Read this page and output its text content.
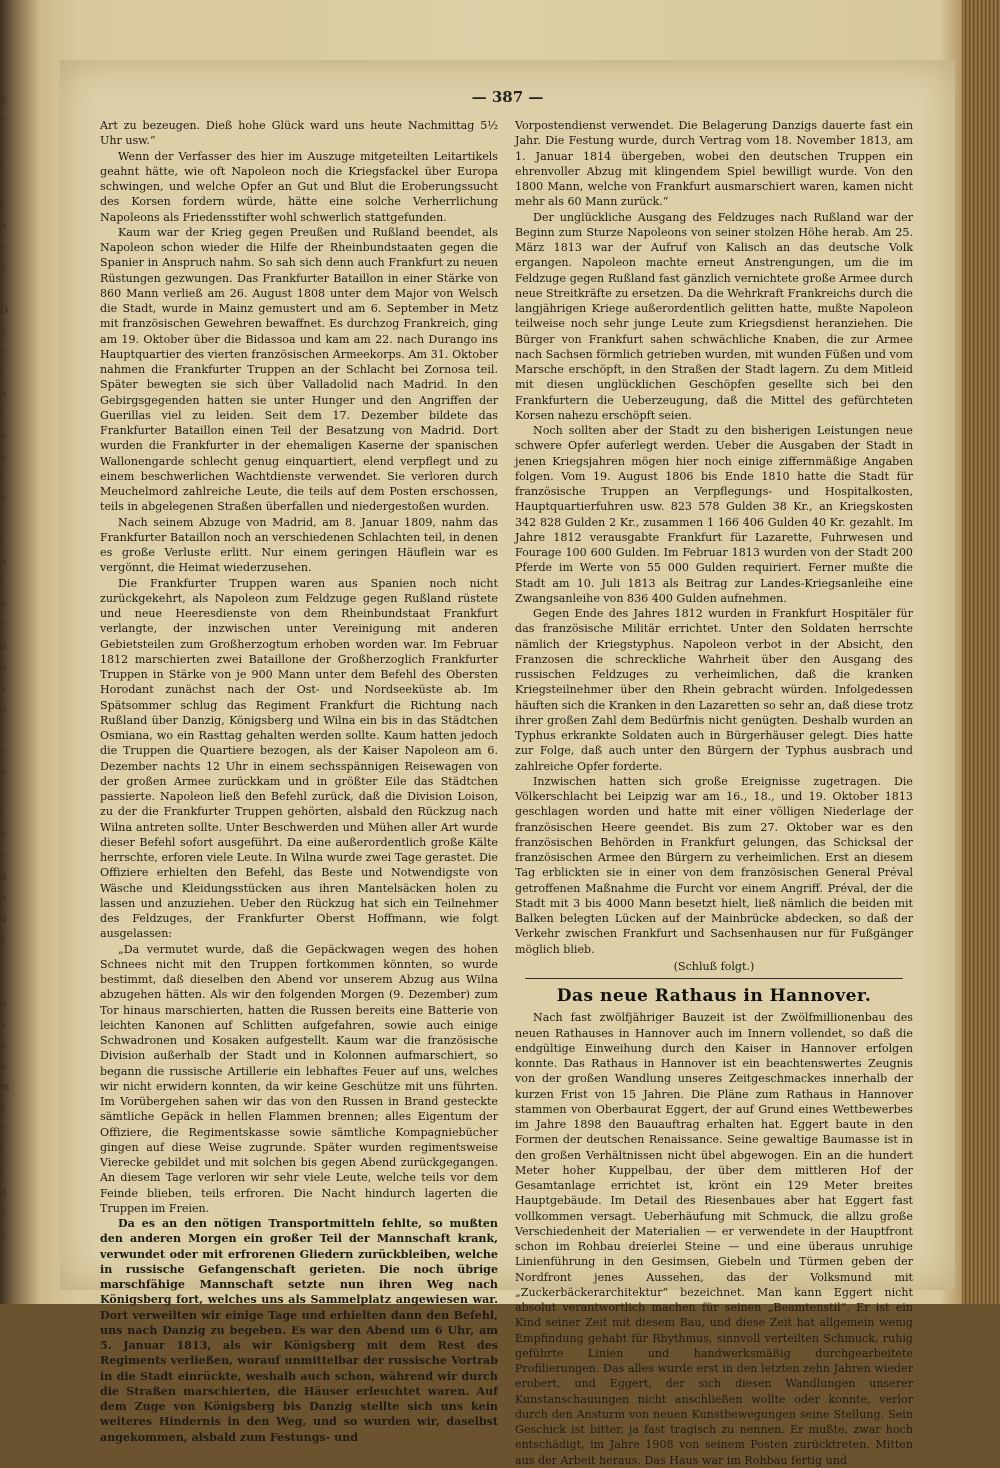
E
r
i
t
i
)
n
y
c
i
D
c
r
t
e
I
e
e
I
e
t
i
n
t
e
r
u
n
s
n
r
v
e
f
t
e
r
g
n
u
r
i
r
n
s
e
k
m
r
r
f
l
n
c
z
— 387 —

Art zu bezeugen. Dieß hohe Glück ward uns heute Nachmittag 5½ Uhr usw.“

Wenn der Verfasser des hier im Auszuge mitgeteilten Leitartikels geahnt hätte, wie oft Napoleon noch die Kriegsfackel über Europa schwingen, und welche Opfer an Gut und Blut die Eroberungssucht des Korsen fordern würde, hätte eine solche Verherrlichung Napoleons als Friedensstifter wohl schwerlich stattgefunden.

Kaum war der Krieg gegen Preußen und Rußland beendet, als Napoleon schon wieder die Hilfe der Rheinbundstaaten gegen die Spanier in Anspruch nahm. So sah sich denn auch Frankfurt zu neuen Rüstungen gezwungen. Das Frankfurter Bataillon in einer Stärke von 860 Mann verließ am 26. August 1808 unter dem Major von Welsch die Stadt, wurde in Mainz gemustert und am 6. September in Metz mit französischen Gewehren bewaffnet. Es durchzog Frankreich, ging am 19. Oktober über die Bidassoa und kam am 22. nach Durango ins Hauptquartier des vierten französischen Armeekorps. Am 31. Oktober nahmen die Frankfurter Truppen an der Schlacht bei Zornosa teil. Später bewegten sie sich über Valladolid nach Madrid. In den Gebirgsgegenden hatten sie unter Hunger und den Angriffen der Guerillas viel zu leiden. Seit dem 17. Dezember bildete das Frankfurter Bataillon einen Teil der Besatzung von Madrid. Dort wurden die Frankfurter in der ehemaligen Kaserne der spanischen Wallonengarde schlecht genug einquartiert, elend verpflegt und zu einem beschwerlichen Wachtdienste verwendet. Sie verloren durch Meuchelmord zahlreiche Leute, die teils auf dem Posten erschossen, teils in abgelegenen Straßen überfallen und niedergestoßen wurden.

Nach seinem Abzuge von Madrid, am 8. Januar 1809, nahm das Frankfurter Bataillon noch an verschiedenen Schlachten teil, in denen es große Verluste erlitt. Nur einem geringen Häuflein war es vergönnt, die Heimat wiederzusehen.

Die Frankfurter Truppen waren aus Spanien noch nicht zurückgekehrt, als Napoleon zum Feldzuge gegen Rußland rüstete und neue Heeresdienste von dem Rheinbundstaat Frankfurt verlangte, der inzwischen unter Vereinigung mit anderen Gebietsteilen zum Großherzogtum erhoben worden war. Im Februar 1812 marschierten zwei Bataillone der Großherzoglich Frankfurter Truppen in Stärke von je 900 Mann unter dem Befehl des Obersten Horodant zunächst nach der Ost- und Nordseeküste ab. Im Spätsommer schlug das Regiment Frankfurt die Richtung nach Rußland über Danzig, Königsberg und Wilna ein bis in das Städtchen Osmiana, wo ein Rasttag gehalten werden sollte. Kaum hatten jedoch die Truppen die Quartiere bezogen, als der Kaiser Napoleon am 6. Dezember nachts 12 Uhr in einem sechsspännigen Reisewagen von der großen Armee zurückkam und in größter Eile das Städtchen passierte. Napoleon ließ den Befehl zurück, daß die Division Loison, zu der die Frankfurter Truppen gehörten, alsbald den Rückzug nach Wilna antreten sollte. Unter Beschwerden und Mühen aller Art wurde dieser Befehl sofort ausgeführt. Da eine außerordentlich große Kälte herrschte, erforen viele Leute. In Wilna wurde zwei Tage gerastet. Die Offiziere erhielten den Befehl, das Beste und Notwendigste von Wäsche und Kleidungsstücken aus ihren Mantelsäcken holen zu lassen und anzuziehen. Ueber den Rückzug hat sich ein Teilnehmer des Feldzuges, der Frankfurter Oberst Hoffmann, wie folgt ausgelassen:

„Da vermutet wurde, daß die Gepäckwagen wegen des hohen Schnees nicht mit den Truppen fortkommen könnten, so wurde bestimmt, daß dieselben den Abend vor unserem Abzug aus Wilna abzugehen hätten. Als wir den folgenden Morgen (9. Dezember) zum Tor hinaus marschierten, hatten die Russen bereits eine Batterie von leichten Kanonen auf Schlitten aufgefahren, sowie auch einige Schwadronen und Kosaken aufgestellt. Kaum war die französische Division außerhalb der Stadt und in Kolonnen aufmarschiert, so begann die russische Artillerie ein lebhaftes Feuer auf uns, welches wir nicht erwidern konnten, da wir keine Geschütze mit uns führten. Im Vorübergehen sahen wir das von den Russen in Brand gesteckte sämtliche Gepäck in hellen Flammen brennen; alles Eigentum der Offiziere, die Regimentskasse sowie sämtliche Kompagniebücher gingen auf diese Weise zugrunde. Später wurden regimentsweise Vierecke gebildet und mit solchen bis gegen Abend zurückgegangen. An diesem Tage verloren wir sehr viele Leute, welche teils vor dem Feinde blieben, teils erfroren. Die Nacht hindurch lagerten die Truppen im Freien.

Da es an den nötigen Transportmitteln fehlte, so mußten den anderen Morgen ein großer Teil der Mannschaft krank, verwundet oder mit erfrorenen Gliedern zurückbleiben, welche in russische Gefangenschaft gerieten. Die noch übrige marschfähige Mannschaft setzte nun ihren Weg nach Königsberg fort, welches uns als Sammelplatz angewiesen war. Dort verweilten wir einige Tage und erhielten dann den Befehl, uns nach Danzig zu begeben. Es war den Abend um 6 Uhr, am 5. Januar 1813, als wir Königsberg mit dem Rest des Regiments verließen, worauf unmittelbar der russische Vortrab in die Stadt einrückte, weshalb auch schon, während wir durch die Straßen marschierten, die Häuser erleuchtet waren. Auf dem Zuge von Königsberg bis Danzig stellte sich uns kein weiteres Hindernis in den Weg, und so wurden wir, daselbst angekommen, alsbald zum Festungs- und

Vorpostendienst verwendet. Die Belagerung Danzigs dauerte fast ein Jahr. Die Festung wurde, durch Vertrag vom 18. November 1813, am 1. Januar 1814 übergeben, wobei den deutschen Truppen ein ehrenvoller Abzug mit klingendem Spiel bewilligt wurde. Von den 1800 Mann, welche von Frankfurt ausmarschiert waren, kamen nicht mehr als 60 Mann zurück.“

Der unglückliche Ausgang des Feldzuges nach Rußland war der Beginn zum Sturze Napoleons von seiner stolzen Höhe herab. Am 25. März 1813 war der Aufruf von Kalisch an das deutsche Volk ergangen. Napoleon machte erneut Anstrengungen, um die im Feldzuge gegen Rußland fast gänzlich vernichtete große Armee durch neue Streitkräfte zu ersetzen. Da die Wehrkraft Frankreichs durch die langjährigen Kriege außerordentlich gelitten hatte, mußte Napoleon teilweise noch sehr junge Leute zum Kriegsdienst heranziehen. Die Bürger von Frankfurt sahen schwächliche Knaben, die zur Armee nach Sachsen förmlich getrieben wurden, mit wunden Füßen und vom Marsche erschöpft, in den Straßen der Stadt lagern. Zu dem Mitleid mit diesen unglücklichen Geschöpfen gesellte sich bei den Frankfurtern die Ueberzeugung, daß die Mittel des gefürchteten Korsen nahezu erschöpft seien.

Noch sollten aber der Stadt zu den bisherigen Leistungen neue schwere Opfer auferlegt werden. Ueber die Ausgaben der Stadt in jenen Kriegsjahren mögen hier noch einige ziffernmäßige Angaben folgen. Vom 19. August 1806 bis Ende 1810 hatte die Stadt für französische Truppen an Verpflegungs- und Hospitalkosten, Hauptquartierfuhren usw. 823 578 Gulden 38 Kr., an Kriegskosten 342 828 Gulden 2 Kr., zusammen 1 166 406 Gulden 40 Kr. gezahlt. Im Jahre 1812 verausgabte Frankfurt für Lazarette, Fuhrwesen und Fourage 100 600 Gulden. Im Februar 1813 wurden von der Stadt 200 Pferde im Werte von 55 000 Gulden requiriert. Ferner mußte die Stadt am 10. Juli 1813 als Beitrag zur Landes-Kriegsanleihe eine Zwangsanleihe von 836 400 Gulden aufnehmen.

Gegen Ende des Jahres 1812 wurden in Frankfurt Hospitäler für das französische Militär errichtet. Unter den Soldaten herrschte nämlich der Kriegstyphus. Napoleon verbot in der Absicht, den Franzosen die schreckliche Wahrheit über den Ausgang des russischen Feldzuges zu verheimlichen, daß die kranken Kriegsteilnehmer über den Rhein gebracht würden. Infolgedessen häuften sich die Kranken in den Lazaretten so sehr an, daß diese trotz ihrer großen Zahl dem Bedürfnis nicht genügten. Deshalb wurden an Typhus erkrankte Soldaten auch in Bürgerhäuser gelegt. Dies hatte zur Folge, daß auch unter den Bürgern der Typhus ausbrach und zahlreiche Opfer forderte.

Inzwischen hatten sich große Ereignisse zugetragen. Die Völkerschlacht bei Leipzig war am 16., 18., und 19. Oktober 1813 geschlagen worden und hatte mit einer völligen Niederlage der französischen Heere geendet. Bis zum 27. Oktober war es den französischen Behörden in Frankfurt gelungen, das Schicksal der französischen Armee den Bürgern zu verheimlichen. Erst an diesem Tag erblickten sie in einer von dem französischen General Préval getroffenen Maßnahme die Furcht vor einem Angriff. Préval, der die Stadt mit 3 bis 4000 Mann besetzt hielt, ließ nämlich die beiden mit Balken belegten Lücken auf der Mainbrücke abdecken, so daß der Verkehr zwischen Frankfurt und Sachsenhausen nur für Fußgänger möglich blieb.

(Schluß folgt.)

Das neue Rathaus in Hannover.

Nach fast zwölfjähriger Bauzeit ist der Zwölfmillionenbau des neuen Rathauses in Hannover auch im Innern vollendet, so daß die endgültige Einweihung durch den Kaiser in Hannover erfolgen konnte. Das Rathaus in Hannover ist ein beachtenswertes Zeugnis von der großen Wandlung unseres Zeitgeschmackes innerhalb der kurzen Frist von 15 Jahren. Die Pläne zum Rathaus in Hannover stammen von Oberbaurat Eggert, der auf Grund eines Wettbewerbes im Jahre 1898 den Bauauftrag erhalten hat. Eggert baute in den Formen der deutschen Renaissance. Seine gewaltige Baumasse ist in den großen Verhältnissen nicht übel abgewogen. Ein an die hundert Meter hoher Kuppelbau, der über dem mittleren Hof der Gesamtanlage errichtet ist, krönt ein 129 Meter breites Hauptgebäude. Im Detail des Riesenbaues aber hat Eggert fast vollkommen versagt. Ueberhäufung mit Schmuck, die allzu große Verschiedenheit der Materialien — er verwendete in der Hauptfront schon im Rohbau dreierlei Steine — und eine überaus unruhige Linienführung in den Gesimsen, Giebeln und Türmen geben der Nordfront jenes Aussehen, das der Volksmund mit „Zuckerbäckerarchitektur“ bezeichnet. Man kann Eggert nicht absolut verantwortlich machen für seinen „Beamtenstil“. Er ist ein Kind seiner Zeit mit diesem Bau, und diese Zeit hat allgemein wenig Empfindung gehabt für Rhythmus, sinnvoll verteilten Schmuck, ruhig geführte Linien und handwerksmäßig durchgearbeitete Profilierungen. Das alles wurde erst in den letzten zehn Jahren wieder erobert, und Eggert, der sich diesen Wandlungen unserer Kunstanschauungen nicht anschließen wollte oder konnte, verlor durch den Ansturm von neuen Kunstbewegungen seine Stellung. Sein Geschick ist bitter, ja fast tragisch zu nennen. Er mußte, zwar hoch entschädigt, im Jahre 1908 von seinem Posten zurücktreten. Mitten aus der Arbeit heraus. Das Haus war im Rohbau fertig und
